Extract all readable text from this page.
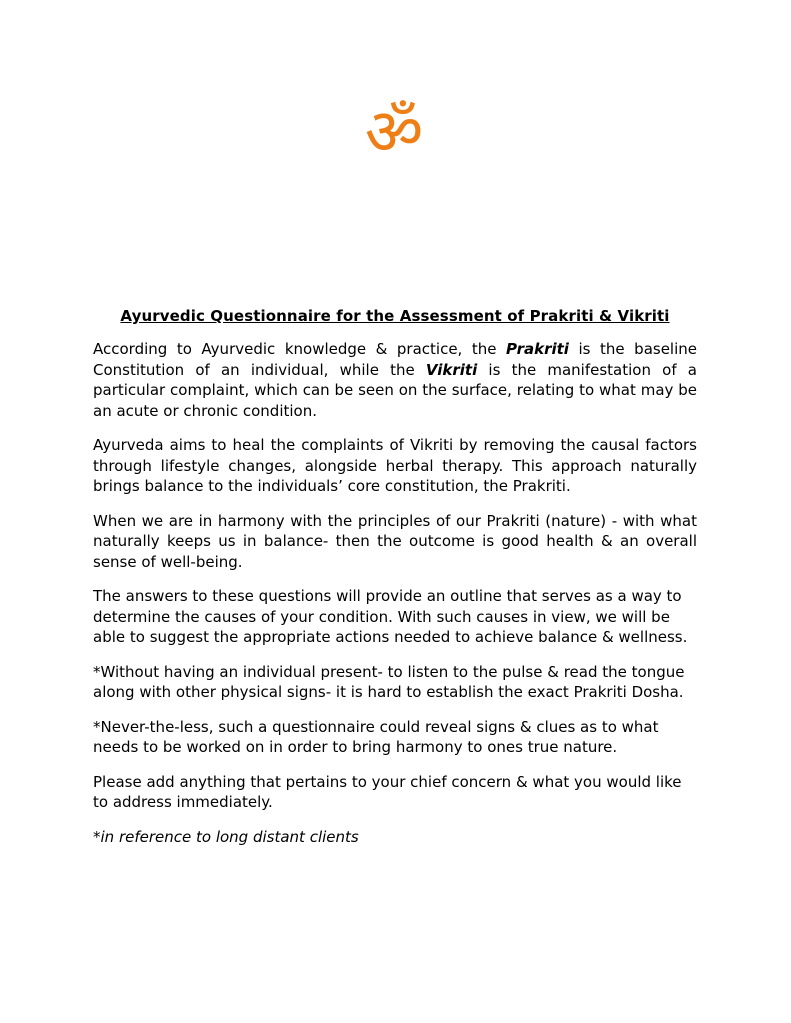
ॐ

Ayurvedic Questionnaire for the Assessment of Prakriti & Vikriti

According to Ayurvedic knowledge & practice, the Prakriti is the baseline Constitution of an individual, while the Vikriti is the manifestation of a particular complaint, which can be seen on the surface, relating to what may be an acute or chronic condition.

Ayurveda aims to heal the complaints of Vikriti by removing the causal factors through lifestyle changes, alongside herbal therapy. This approach naturally brings balance to the individuals’ core constitution, the Prakriti.

When we are in harmony with the principles of our Prakriti (nature) - with what naturally keeps us in balance- then the outcome is good health & an overall sense of well-being.

The answers to these questions will provide an outline that serves as a way to determine the causes of your condition. With such causes in view, we will be able to suggest the appropriate actions needed to achieve balance & wellness.

*Without having an individual present- to listen to the pulse & read the tongue along with other physical signs- it is hard to establish the exact Prakriti Dosha.

*Never-the-less, such a questionnaire could reveal signs & clues as to what needs to be worked on in order to bring harmony to ones true nature.

Please add anything that pertains to your chief concern & what you would like to address immediately.

*in reference to long distant clients
